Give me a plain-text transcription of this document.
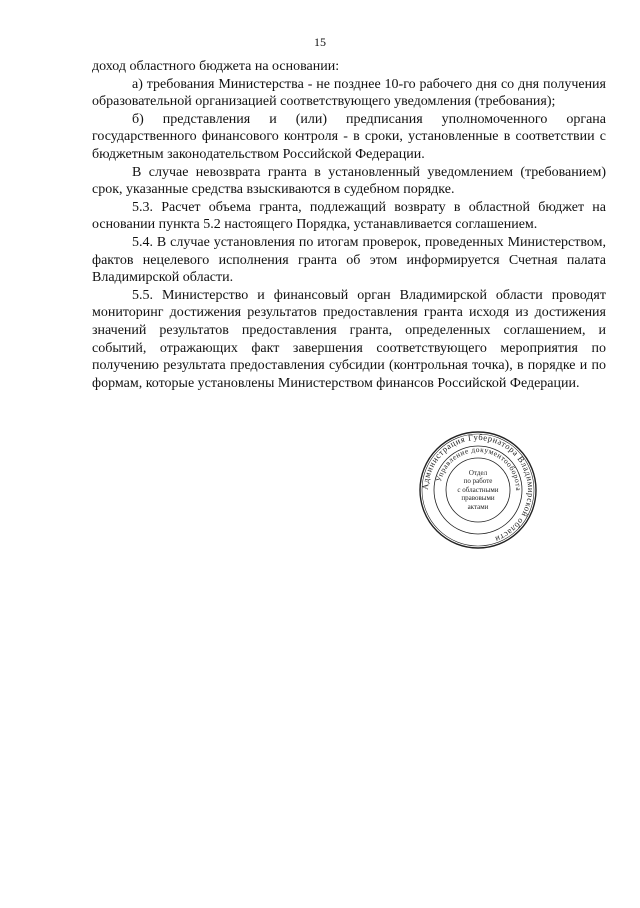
15

доход областного бюджета на основании:

а) требования Министерства - не позднее 10-го рабочего дня со дня получения образовательной организацией соответствующего уведомления (требования);

б) представления и (или) предписания уполномоченного органа государственного финансового контроля - в сроки, установленные в соответствии с бюджетным законодательством Российской Федерации.

В случае невозврата гранта в установленный уведомлением (требованием) срок, указанные средства взыскиваются в судебном порядке.

5.3. Расчет объема гранта, подлежащий возврату в областной бюджет на основании пункта 5.2 настоящего Порядка, устанавливается соглашением.

5.4. В случае установления по итогам проверок, проведенных Министерством, фактов нецелевого исполнения гранта об этом информируется Счетная палата Владимирской области.

5.5. Министерство и финансовый орган Владимирской области проводят мониторинг достижения результатов предоставления гранта исходя из достижения значений результатов предоставления гранта, определенных соглашением, и событий, отражающих факт завершения соответствующего мероприятия по получению результата предоставления субсидии (контрольная точка), в порядке и по формам, которые установлены Министерством финансов Российской Федерации.

Администрация Губернатора Владимирской области
Управление документооборота
Отдел
по работе
с областными
правовыми
актами
